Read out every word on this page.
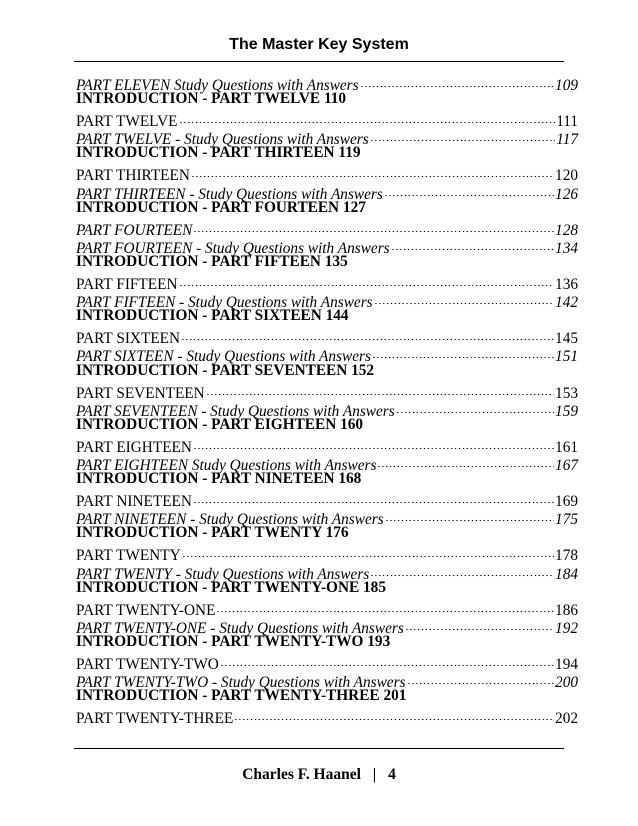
The Master Key System
PART ELEVEN Study Questions with Answers	109
INTRODUCTION - PART TWELVE 110
PART TWELVE	111
PART TWELVE - Study Questions with Answers	117
INTRODUCTION - PART THIRTEEN 119
PART THIRTEEN	120
PART THIRTEEN - Study Questions with Answers	126
INTRODUCTION - PART FOURTEEN 127
PART FOURTEEN	128
PART FOURTEEN - Study Questions with Answers	134
INTRODUCTION - PART FIFTEEN 135
PART FIFTEEN	136
PART FIFTEEN - Study Questions with Answers	142
INTRODUCTION - PART SIXTEEN 144
PART SIXTEEN	145
PART SIXTEEN - Study Questions with Answers	151
INTRODUCTION - PART SEVENTEEN 152
PART SEVENTEEN	153
PART SEVENTEEN - Study Questions with Answers	159
INTRODUCTION - PART EIGHTEEN 160
PART EIGHTEEN	161
PART EIGHTEEN Study Questions with Answers	167
INTRODUCTION - PART NINETEEN 168
PART NINETEEN	169
PART NINETEEN - Study Questions with Answers	175
INTRODUCTION - PART TWENTY 176
PART TWENTY	178
PART TWENTY - Study Questions with Answers	184
INTRODUCTION - PART TWENTY-ONE 185
PART TWENTY-ONE	186
PART TWENTY-ONE - Study Questions with Answers	192
INTRODUCTION - PART TWENTY-TWO 193
PART TWENTY-TWO	194
PART TWENTY-TWO - Study Questions with Answers	200
INTRODUCTION - PART TWENTY-THREE 201
PART TWENTY-THREE	202
Charles F. Haanel | 4
